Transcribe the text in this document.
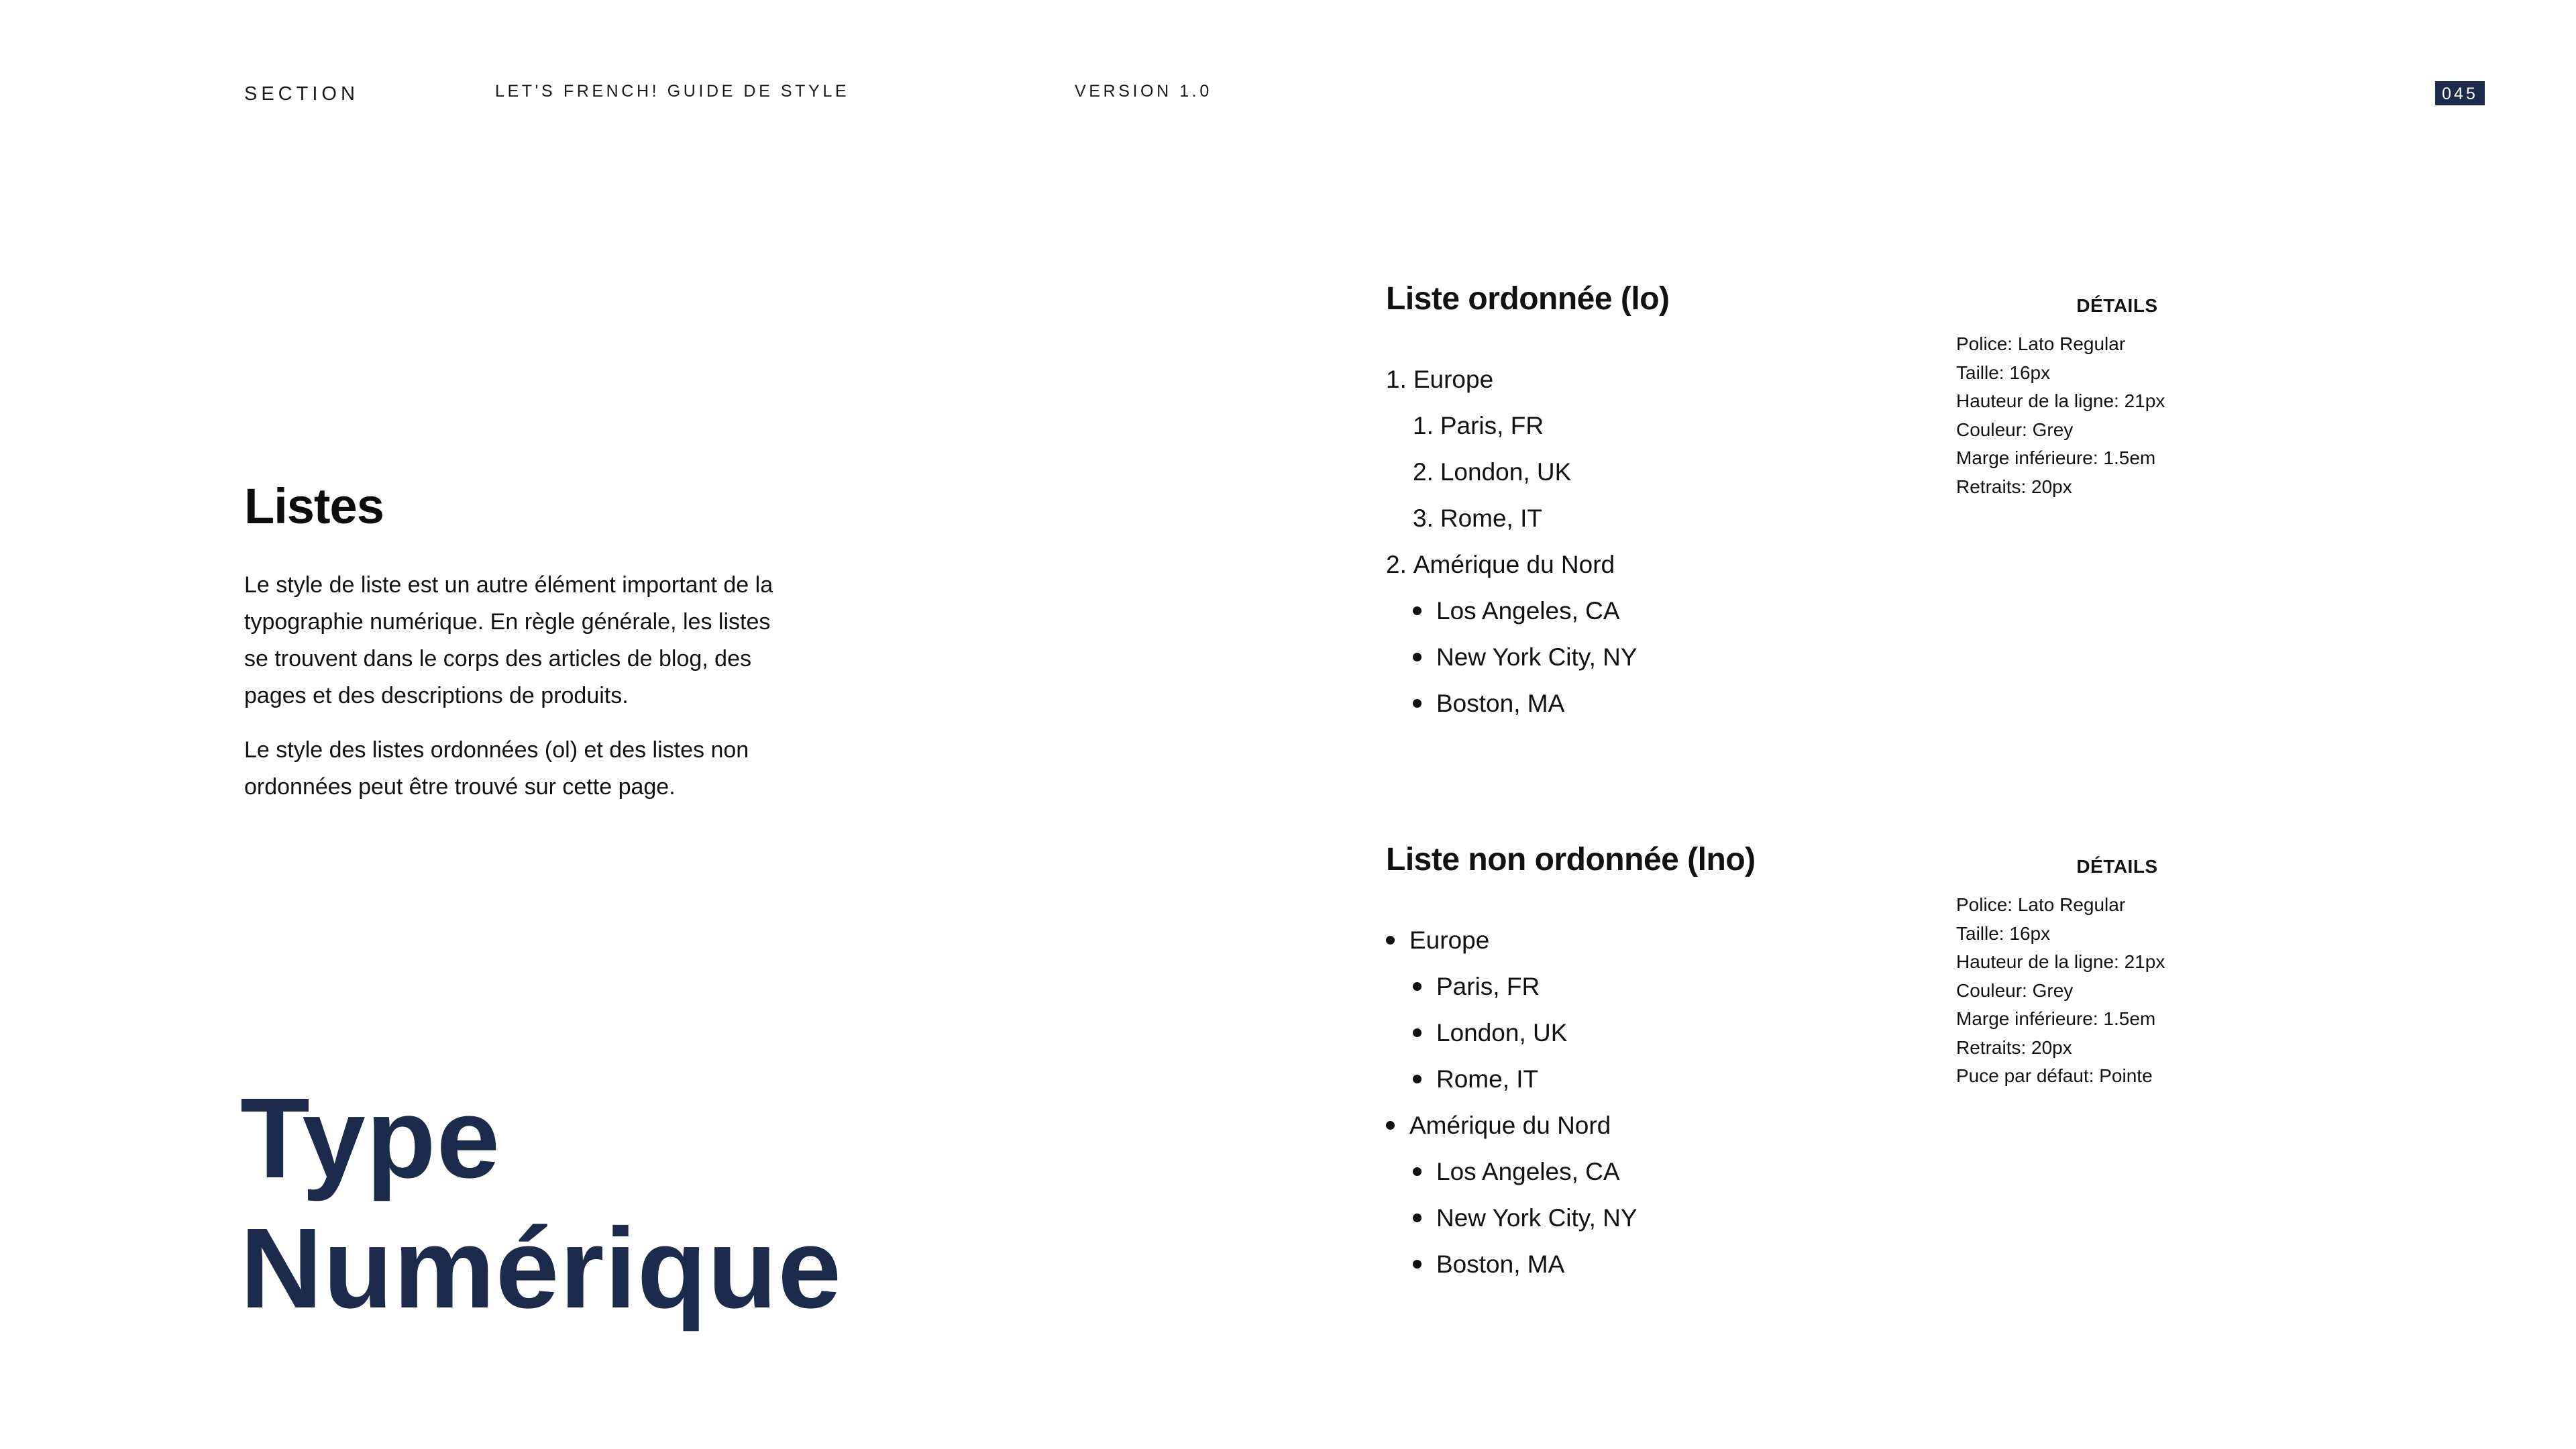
SECTION	LET'S FRENCH! GUIDE DE STYLE	VERSION 1.0	045
Listes

Le style de liste est un autre élément important de la typographie numérique. En règle générale, les listes se trouvent dans le corps des articles de blog, des pages et des descriptions de produits.

Le style des listes ordonnées (ol) et des listes non ordonnées peut être trouvé sur cette page.

Type
Numérique
Liste ordonnée (lo)
1. Europe
1. Paris, FR
2. London, UK
3. Rome, IT
2. Amérique du Nord
Los Angeles, CA
New York City, NY
Boston, MA
DÉTAILS
Police: Lato Regular
Taille: 16px
Hauteur de la ligne: 21px
Couleur: Grey
Marge inférieure: 1.5em
Retraits: 20px
Liste non ordonnée (lno)
Europe
Paris, FR
London, UK
Rome, IT
Amérique du Nord
Los Angeles, CA
New York City, NY
Boston, MA
DÉTAILS
Police: Lato Regular
Taille: 16px
Hauteur de la ligne: 21px
Couleur: Grey
Marge inférieure: 1.5em
Retraits: 20px
Puce par défaut: Pointe
